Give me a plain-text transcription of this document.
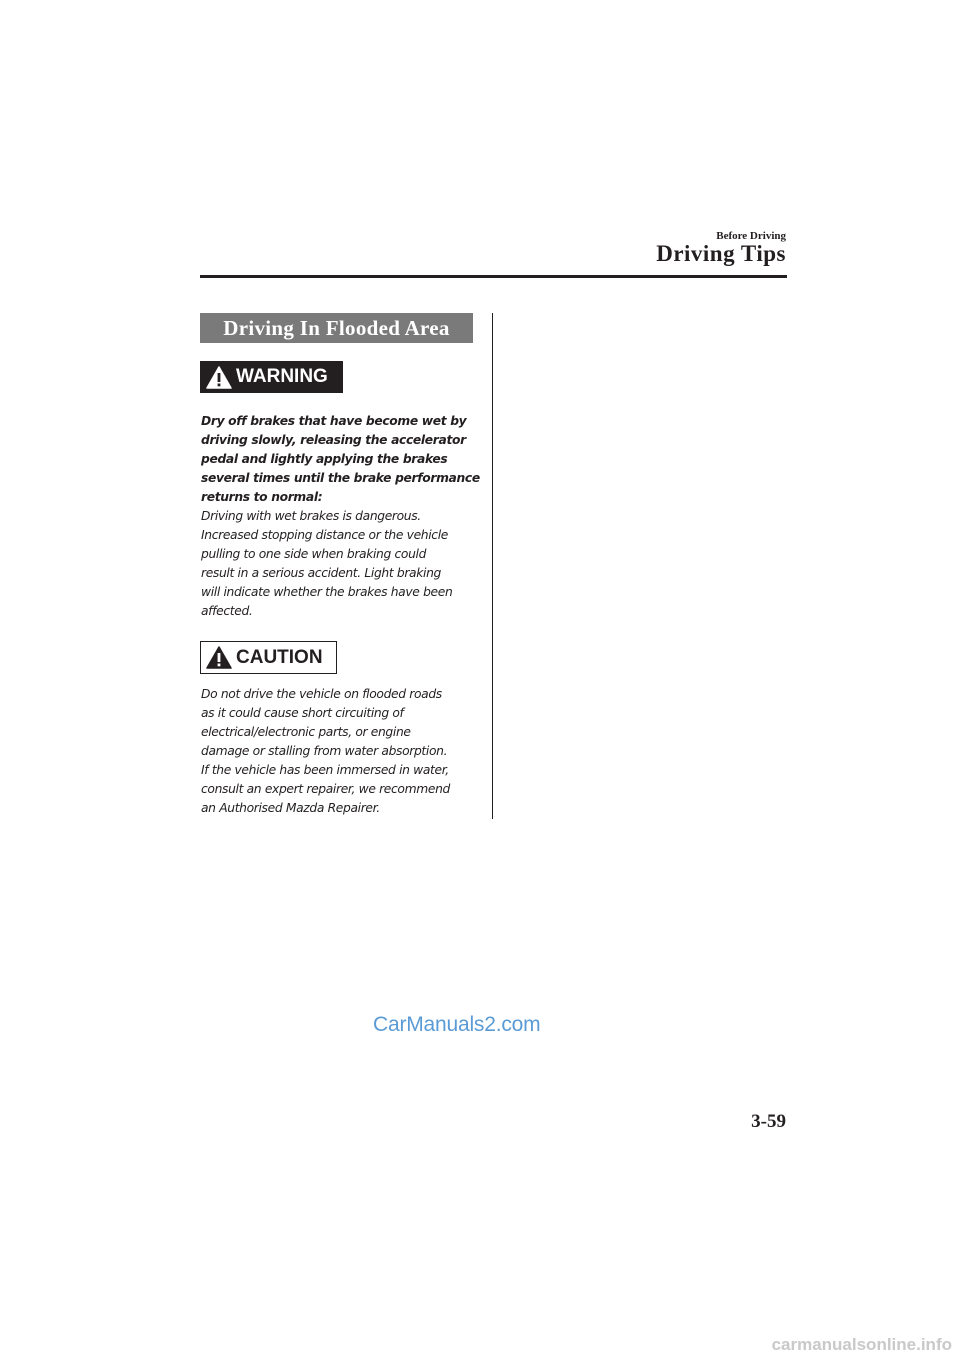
Before Driving
Driving Tips
Driving In Flooded Area
WARNING
Dry off brakes that have become wet by
driving slowly, releasing the accelerator
pedal and lightly applying the brakes
several times until the brake performance
returns to normal:
Driving with wet brakes is dangerous.
Increased stopping distance or the vehicle
pulling to one side when braking could
result in a serious accident. Light braking
will indicate whether the brakes have been
affected.
CAUTION
Do not drive the vehicle on flooded roads
as it could cause short circuiting of
electrical/electronic parts, or engine
damage or stalling from water absorption.
If the vehicle has been immersed in water,
consult an expert repairer, we recommend
an Authorised Mazda Repairer.
CarManuals2.com
3-59
carmanualsonline.info
